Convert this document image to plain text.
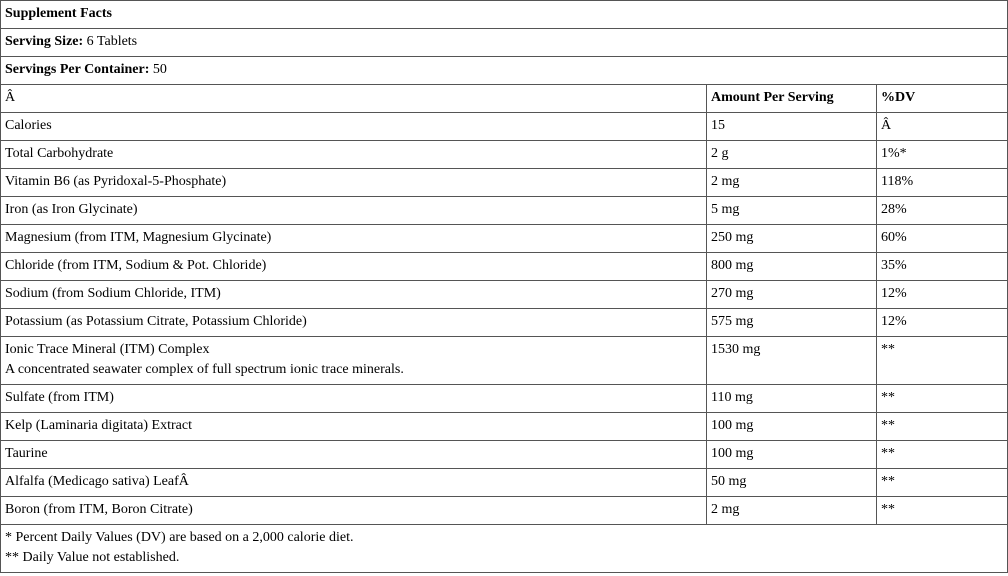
Supplement Facts		
Serving Size: 6 Tablets		
Servings Per Container: 50		
Â	Amount Per Serving	%DV
Calories	15	Â
Total Carbohydrate	2 g	1%*
Vitamin B6 (as Pyridoxal-5-Phosphate)	2 mg	118%
Iron (as Iron Glycinate)	5 mg	28%
Magnesium (from ITM, Magnesium Glycinate)	250 mg	60%
Chloride (from ITM, Sodium & Pot. Chloride)	800 mg	35%
Sodium (from Sodium Chloride, ITM)	270 mg	12%
Potassium (as Potassium Citrate, Potassium Chloride)	575 mg	12%

Ionic Trace Mineral (ITM) Complex
A concentrated seawater complex of full spectrum ionic trace minerals.	1530 mg	**
Sulfate (from ITM)	110 mg	**
Kelp (Laminaria digitata) Extract	100 mg	**
Taurine	100 mg	**
Alfalfa (Medicago sativa) LeafÂ	50 mg	**
Boron (from ITM, Boron Citrate)	2 mg	**

* Percent Daily Values (DV) are based on a 2,000 calorie diet.
** Daily Value not established.		
